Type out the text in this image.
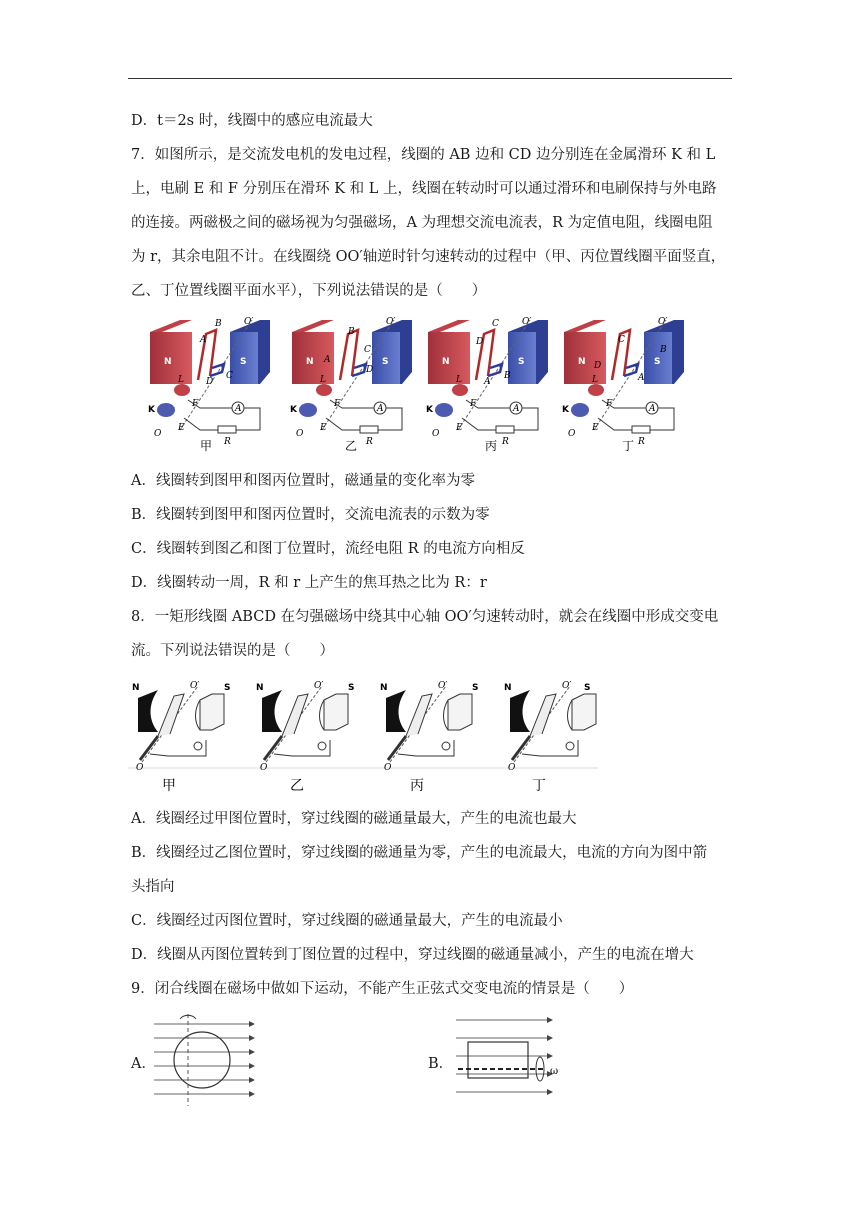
D．t＝2s 时，线圈中的感应电流最大
7．如图所示，是交流发电机的发电过程，线圈的 AB 边和 CD 边分别连在金属滑环 K 和 L
上，电刷 E 和 F 分别压在滑环 K 和 L 上，线圈在转动时可以通过滑环和电刷保持与外电路
的连接。两磁极之间的磁场视为匀强磁场，A 为理想交流电流表，R 为定值电阻，线圈电阻
为 r，其余电阻不计。在线圈绕 OO′轴逆时针匀速转动的过程中（甲、丙位置线圈平面竖直，
乙、丁位置线圈平面水平），下列说法错误的是（　　）
N	S
B
A
C
D
O′
O
K
E
F
L
A
R
N	S
B
A
C
D
O′
O
K
E
F
L
A
R
N	S
C
D
B
A
O′
O
K
E
F
L
A
R
N	S
C
D
A
B
O′
O
K
E
F
L
A
R
甲	乙	丙	丁
A．线圈转到图甲和图丙位置时，磁通量的变化率为零
B．线圈转到图甲和图丙位置时，交流电流表的示数为零
C．线圈转到图乙和图丁位置时，流经电阻 R 的电流方向相反
D．线圈转动一周，R 和 r 上产生的焦耳热之比为 R：r
8．一矩形线圈 ABCD 在匀强磁场中绕其中心轴 OO′匀速转动时，就会在线圈中形成交变电
流。下列说法错误的是（　　）
N	S
O′
O
N	S
O′
O
N	S
O′
O
N	S
O′
O
甲	乙	丙	丁
A．线圈经过甲图位置时，穿过线圈的磁通量最大，产生的电流也最大
B．线圈经过乙图位置时，穿过线圈的磁通量为零，产生的电流最大，电流的方向为图中箭
头指向
C．线圈经过丙图位置时，穿过线圈的磁通量最大，产生的电流最小
D．线圈从丙图位置转到丁图位置的过程中，穿过线圈的磁通量减小，产生的电流在增大
9．闭合线圈在磁场中做如下运动，不能产生正弦式交变电流的情景是（　　）
A．	B．	ω
